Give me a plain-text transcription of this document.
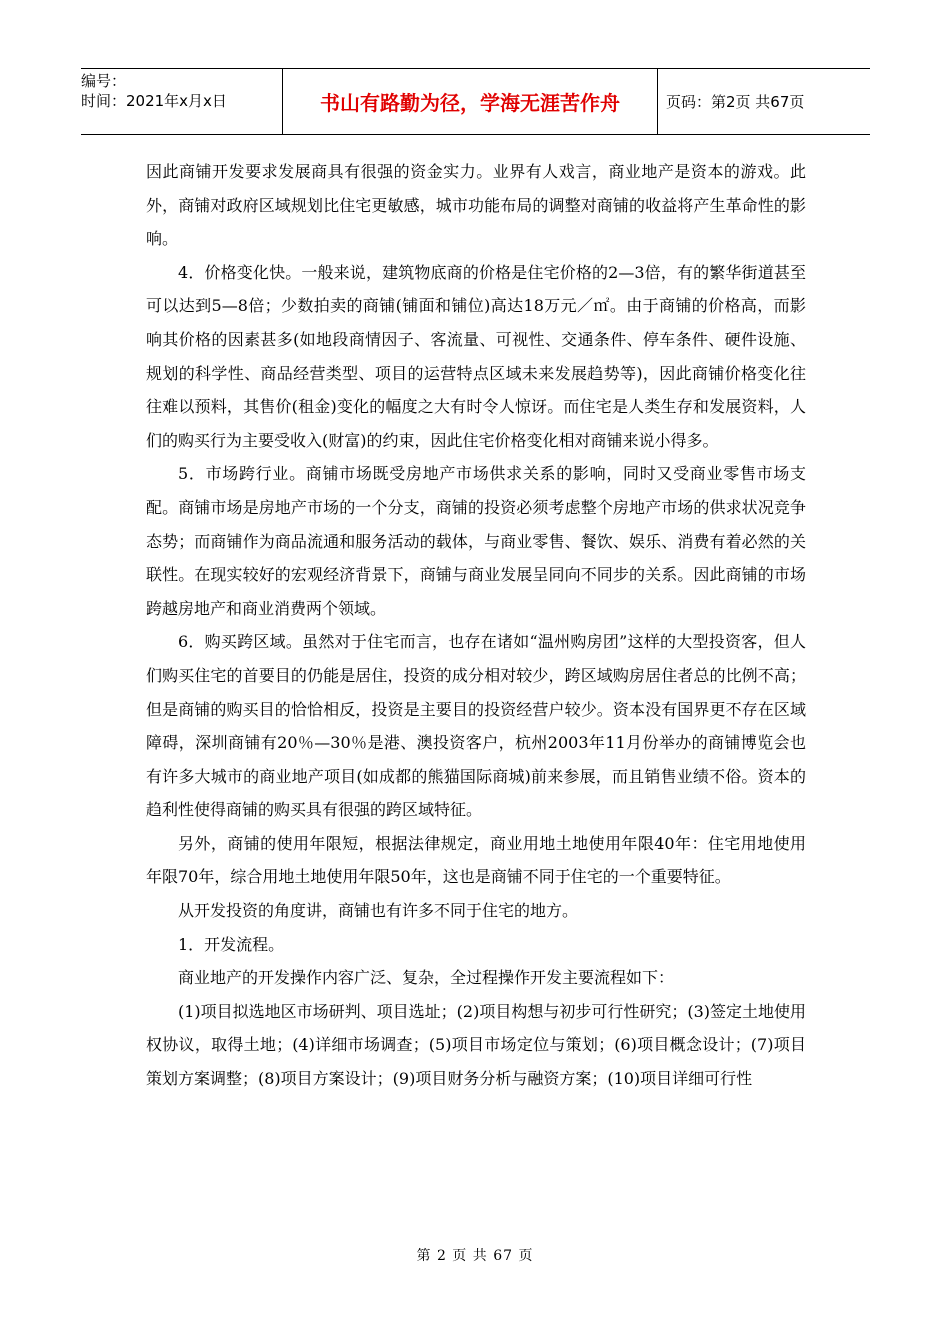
编号：
时间：2021年x月x日	书山有路勤为径，学海无涯苦作舟	页码：第2页 共67页

因此商铺开发要求发展商具有很强的资金实力。业界有人戏言，商业地产是资本的游戏。此外，商铺对政府区域规划比住宅更敏感，城市功能布局的调整对商铺的收益将产生革命性的影响。

4．价格变化快。一般来说，建筑物底商的价格是住宅价格的2—3倍，有的繁华街道甚至可以达到5—8倍；少数拍卖的商铺(铺面和铺位)高达18万元／㎡。由于商铺的价格高，而影响其价格的因素甚多(如地段商情因子、客流量、可视性、交通条件、停车条件、硬件设施、规划的科学性、商品经营类型、项目的运营特点区域未来发展趋势等)，因此商铺价格变化往往难以预料，其售价(租金)变化的幅度之大有时令人惊讶。而住宅是人类生存和发展资料，人们的购买行为主要受收入(财富)的约束，因此住宅价格变化相对商铺来说小得多。

5．市场跨行业。商铺市场既受房地产市场供求关系的影响，同时又受商业零售市场支配。商铺市场是房地产市场的一个分支，商铺的投资必须考虑整个房地产市场的供求状况竞争态势；而商铺作为商品流通和服务活动的载体，与商业零售、餐饮、娱乐、消费有着必然的关联性。在现实较好的宏观经济背景下，商铺与商业发展呈同向不同步的关系。因此商铺的市场跨越房地产和商业消费两个领域。

6．购买跨区域。虽然对于住宅而言，也存在诸如“温州购房团”这样的大型投资客，但人们购买住宅的首要目的仍能是居住，投资的成分相对较少，跨区域购房居住者总的比例不高；但是商铺的购买目的恰恰相反，投资是主要目的投资经营户较少。资本没有国界更不存在区域障碍，深圳商铺有20％—30％是港、澳投资客户，杭州2003年11月份举办的商铺博览会也有许多大城市的商业地产项目(如成都的熊猫国际商城)前来参展，而且销售业绩不俗。资本的趋利性使得商铺的购买具有很强的跨区域特征。

另外，商铺的使用年限短，根据法律规定，商业用地土地使用年限40年：住宅用地使用年限70年，综合用地土地使用年限50年，这也是商铺不同于住宅的一个重要特征。

从开发投资的角度讲，商铺也有许多不同于住宅的地方。

1．开发流程。

商业地产的开发操作内容广泛、复杂，全过程操作开发主要流程如下：

(1)项目拟选地区市场研判、项目选址；(2)项目构想与初步可行性研究；(3)签定土地使用权协议，取得土地；(4)详细市场调查；(5)项目市场定位与策划；(6)项目概念设计；(7)项目策划方案调整；(8)项目方案设计；(9)项目财务分析与融资方案；(10)项目详细可行性

第 2 页 共 67 页
